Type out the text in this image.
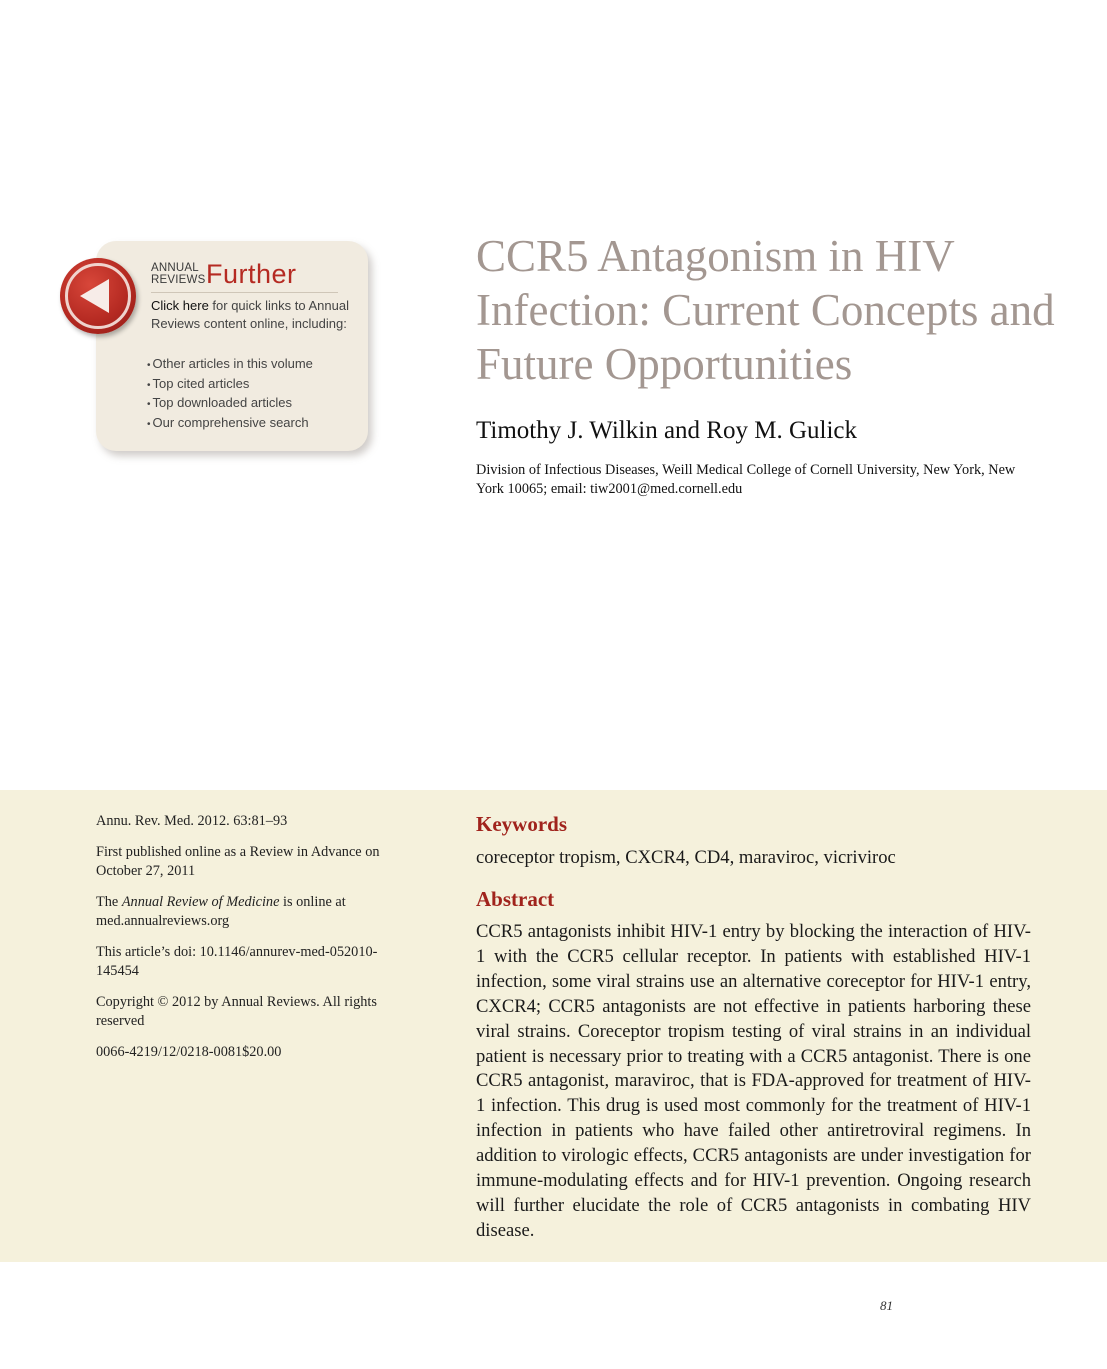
ANNUAL
REVIEWS Further
Click here for quick links to Annual Reviews content online, including:
• Other articles in this volume
• Top cited articles
• Top downloaded articles
• Our comprehensive search
CCR5 Antagonism in HIV Infection: Current Concepts and Future Opportunities
Timothy J. Wilkin and Roy M. Gulick
Division of Infectious Diseases, Weill Medical College of Cornell University, New York, New York 10065; email: tiw2001@med.cornell.edu

Annu. Rev. Med. 2012. 63:81–93

First published online as a Review in Advance on October 27, 2011

The Annual Review of Medicine is online at med.annualreviews.org

This article’s doi: 10.1146/annurev-med-052010-145454

Copyright © 2012 by Annual Reviews. All rights reserved

0066-4219/12/0218-0081$20.00

Keywords
coreceptor tropism, CXCR4, CD4, maraviroc, vicriviroc
Abstract
CCR5 antagonists inhibit HIV-1 entry by blocking the interaction of HIV-1 with the CCR5 cellular receptor. In patients with established HIV-1 infection, some viral strains use an alternative coreceptor for HIV-1 entry, CXCR4; CCR5 antagonists are not effective in patients harboring these viral strains. Coreceptor tropism testing of viral strains in an individual patient is necessary prior to treating with a CCR5 antagonist. There is one CCR5 antagonist, maraviroc, that is FDA-approved for treatment of HIV-1 infection. This drug is used most commonly for the treatment of HIV-1 infection in patients who have failed other antiretroviral regimens. In addition to virologic effects, CCR5 antagonists are under investigation for immune-modulating effects and for HIV-1 prevention. Ongoing research will further elucidate the role of CCR5 antagonists in combating HIV disease.
81
